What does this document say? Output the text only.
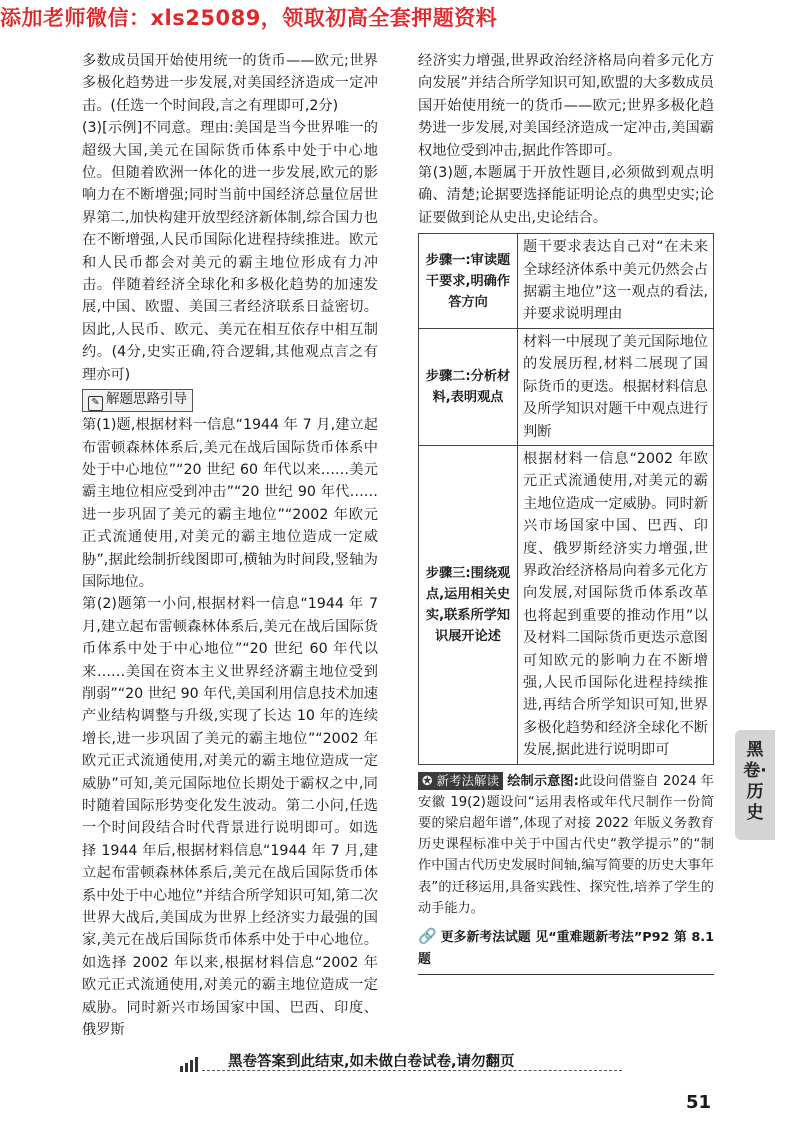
添加老师微信：xls25089，领取初高全套押题资料

多数成员国开始使用统一的货币——欧元;世界多极化趋势进一步发展,对美国经济造成一定冲击。(任选一个时间段,言之有理即可,2分)

(3)[示例]不同意。理由:美国是当今世界唯一的超级大国,美元在国际货币体系中处于中心地位。但随着欧洲一体化的进一步发展,欧元的影响力在不断增强;同时当前中国经济总量位居世界第二,加快构建开放型经济新体制,综合国力也在不断增强,人民币国际化进程持续推进。欧元和人民币都会对美元的霸主地位形成有力冲击。伴随着经济全球化和多极化趋势的加速发展,中国、欧盟、美国三者经济联系日益密切。因此,人民币、欧元、美元在相互依存中相互制约。(4分,史实正确,符合逻辑,其他观点言之有理亦可)

✎ 解题思路引导

第(1)题,根据材料一信息“1944 年 7 月,建立起布雷顿森林体系后,美元在战后国际货币体系中处于中心地位”“20 世纪 60 年代以来……美元霸主地位相应受到冲击”“20 世纪 90 年代……进一步巩固了美元的霸主地位”“2002 年欧元正式流通使用,对美元的霸主地位造成一定威胁”,据此绘制折线图即可,横轴为时间段,竖轴为国际地位。

第(2)题第一小问,根据材料一信息“1944 年 7 月,建立起布雷顿森林体系后,美元在战后国际货币体系中处于中心地位”“20 世纪 60 年代以来……美国在资本主义世界经济霸主地位受到削弱”“20 世纪 90 年代,美国利用信息技术加速产业结构调整与升级,实现了长达 10 年的连续增长,进一步巩固了美元的霸主地位”“2002 年欧元正式流通使用,对美元的霸主地位造成一定威胁”可知,美元国际地位长期处于霸权之中,同时随着国际形势变化发生波动。第二小问,任选一个时间段结合时代背景进行说明即可。如选择 1944 年后,根据材料信息“1944 年 7 月,建立起布雷顿森林体系后,美元在战后国际货币体系中处于中心地位”并结合所学知识可知,第二次世界大战后,美国成为世界上经济实力最强的国家,美元在战后国际货币体系中处于中心地位。如选择 2002 年以来,根据材料信息“2002 年欧元正式流通使用,对美元的霸主地位造成一定威胁。同时新兴市场国家中国、巴西、印度、俄罗斯

经济实力增强,世界政治经济格局向着多元化方向发展”并结合所学知识可知,欧盟的大多数成员国开始使用统一的货币——欧元;世界多极化趋势进一步发展,对美国经济造成一定冲击,美国霸权地位受到冲击,据此作答即可。

第(3)题,本题属于开放性题目,必须做到观点明确、清楚;论据要选择能证明论点的典型史实;论证要做到论从史出,史论结合。

步骤一:审读题干要求,明确作答方向	题干要求表达自己对“在未来全球经济体系中美元仍然会占据霸主地位”这一观点的看法,并要求说明理由
步骤二:分析材料,表明观点	材料一中展现了美元国际地位的发展历程,材料二展现了国际货币的更迭。根据材料信息及所学知识对题干中观点进行判断
步骤三:围绕观点,运用相关史实,联系所学知识展开论述	根据材料一信息“2002 年欧元正式流通使用,对美元的霸主地位造成一定威胁。同时新兴市场国家中国、巴西、印度、俄罗斯经济实力增强,世界政治经济格局向着多元化方向发展,对国际货币体系改革也将起到重要的推动作用”以及材料二国际货币更迭示意图可知欧元的影响力在不断增强,人民币国际化进程持续推进,再结合所学知识可知,世界多极化趋势和经济全球化不断发展,据此进行说明即可
✪ 新考法解读 绘制示意图:此设问借鉴自 2024 年安徽 19(2)题设问“运用表格或年代尺制作一份简要的梁启超年谱”,体现了对接 2022 年版义务教育历史课程标准中关于中国古代史“教学提示”的“制作中国古代历史发展时间轴,编写简要的历史大事年表”的迁移运用,具备实践性、探究性,培养了学生的动手能力。
🔗 更多新考法试题 见“重难题新考法”P92 第 8.1 题
黑卷·历史
黑卷答案到此结束,如未做白卷试卷,请勿翻页
51
